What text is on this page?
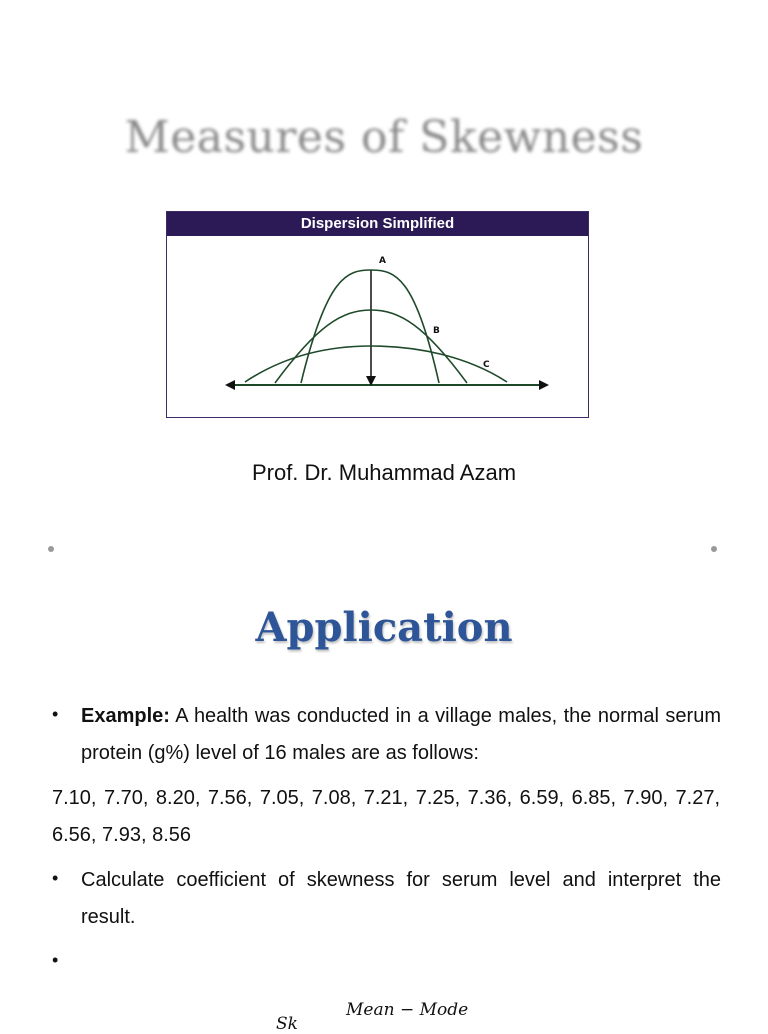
Measures of Skewness
Dispersion Simplified
A
B
C
Prof. Dr. Muhammad Azam
Application
• Example: A health was conducted in a village males, the normal serum protein (g%) level of 16 males are as follows:
7.10, 7.70, 8.20, 7.56, 7.05, 7.08, 7.21, 7.25, 7.36, 6.59, 6.85, 7.90, 7.27, 6.56, 7.93, 8.56
• Calculate coefficient of skewness for serum level and interpret the result.
•
Mean − Mode
Sk
